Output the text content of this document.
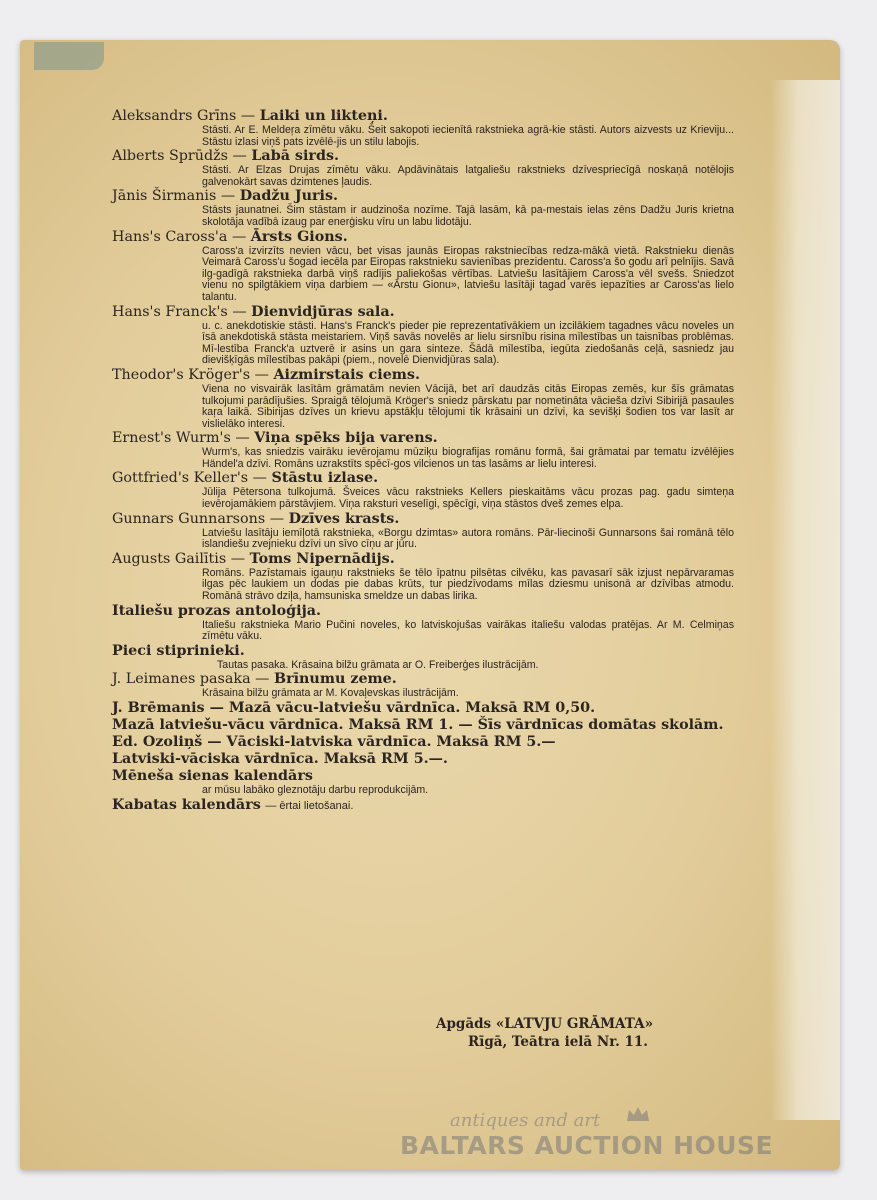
Aleksandrs Grīns — Laiki un likteņi.
Stāsti. Ar E. Meldeŗa zīmētu vāku. Šeit sakopoti iecienītā rakstnieka agrā-kie stāsti. Autors aizvests uz Krieviju... Stāstu izlasi viņš pats izvēlē-jis un stilu labojis.
Alberts Sprūdžs — Labā sirds.
Stāsti. Ar Elzas Drujas zīmētu vāku. Apdāvinātais latgaliešu rakstnieks dzīvespriecīgā noskaņā notēlojis galvenokārt savas dzimtenes ļaudis.
Jānis Širmanis — Dadžu Juris.
Stāsts jaunatnei. Šim stāstam ir audzinoša nozīme. Tajā lasām, kā pa-mestais ielas zēns Dadžu Juris krietna skolotāja vadībā izaug par enerģisku vīru un labu lidotāju.
Hans's Caross'a — Ārsts Gions.
Caross'a izvirzīts nevien vācu, bet visas jaunās Eiropas rakstniecības redza-mākā vietā. Rakstnieku dienās Veimarā Caross'u šogad iecēla par Eiropas rakstnieku savienības prezidentu. Caross'a šo godu arī pelnījis. Savā ilg-gadīgā rakstnieka darbā viņš radījis paliekošas vērtības. Latviešu lasītājiem Caross'a vēl svešs. Sniedzot vienu no spilgtākiem viņa darbiem — «Ārstu Gionu», latviešu lasītāji tagad varēs iepazīties ar Caross'as lielo talantu.
Hans's Franck's — Dienvidjūras sala.
u. c. anekdotiskie stāsti. Hans's Franck's pieder pie reprezentatīvākiem un izcilākiem tagadnes vācu noveles un īsā anekdotiskā stāsta meistariem. Viņš savās novelēs ar lielu sirsnību risina mīlestības un taisnības problēmas. Mī-lestība Franck'a uztverē ir asins un gara sinteze. Šādā mīlestība, iegūta ziedošanās ceļā, sasniedz jau dievišķīgās mīlestības pakāpi (piem., novelē Dienvidjūras sala).
Theodor's Kröger's — Aizmirstais ciems.
Viena no visvairāk lasītām grāmatām nevien Vācijā, bet arī daudzās citās Eiropas zemēs, kur šīs grāmatas tulkojumi parādījušies. Spraigā tēlojumā Kröger's sniedz pārskatu par nometināta vācieša dzīvi Sibirijā pasaules kaŗa laikā. Sibirijas dzīves un krievu apstākļu tēlojumi tik krāsaini un dzīvi, ka sevišķi šodien tos var lasīt ar vislielāko interesi.
Ernest's Wurm's — Viņa spēks bija varens.
Wurm's, kas sniedzis vairāku ievērojamu mūziķu biografijas romānu formā, šai grāmatai par tematu izvēlējies Händel'a dzīvi. Romāns uzrakstīts spēcī-gos vilcienos un tas lasāms ar lielu interesi.
Gottfried's Keller's — Stāstu izlase.
Jūlija Pētersona tulkojumā. Šveices vācu rakstnieks Kellers pieskaitāms vācu prozas pag. gadu simteņa ievērojamākiem pārstāvjiem. Viņa raksturi veselīgi, spēcīgi, viņa stāstos dveš zemes elpa.
Gunnars Gunnarsons — Dzīves krasts.
Latviešu lasītāju iemīļotā rakstnieka, «Borgu dzimtas» autora romāns. Pār-liecinoši Gunnarsons šai romānā tēlo islandiešu zvejnieku dzīvi un sīvo cīņu ar jūru.
Augusts Gailītis — Toms Nipernādijs.
Romāns. Pazīstamais igauņu rakstnieks še tēlo īpatnu pilsētas cilvēku, kas pavasarī sāk izjust nepārvaramas ilgas pēc laukiem un dodas pie dabas krūts, tur piedzīvodams mīlas dziesmu unisonā ar dzīvības atmodu. Romānā strāvo dziļa, hamsuniska smeldze un dabas lirika.
Italiešu prozas antoloģija.
Italiešu rakstnieka Mario Pučini noveles, ko latviskojušas vairākas italiešu valodas pratējas. Ar M. Celmiņas zīmētu vāku.
Pieci stiprinieki.
Tautas pasaka. Krāsaina bilžu grāmata ar O. Freiberģes ilustrācijām.
J. Leimanes pasaka — Brīnumu zeme.
Krāsaina bilžu grāmata ar M. Kovaļevskas ilustrācijām.
J. Brēmanis — Mazā vācu-latviešu vārdnīca. Maksā RM 0,50.
Mazā latviešu-vācu vārdnīca. Maksā RM 1. — Šīs vārdnīcas domātas skolām.
Ed. Ozoliņš — Vāciski-latviska vārdnīca. Maksā RM 5.—
Latviski-vāciska vārdnīca. Maksā RM 5.—.
Mēneša sienas kalendārs
ar mūsu labāko gleznotāju darbu reprodukcijām.
Kabatas kalendārs — ērtai lietošanai.
Apgāds «LATVJU GRĀMATA»
Rīgā, Teātra ielā Nr. 11.
antiques and art
BALTARS AUCTION HOUSE
